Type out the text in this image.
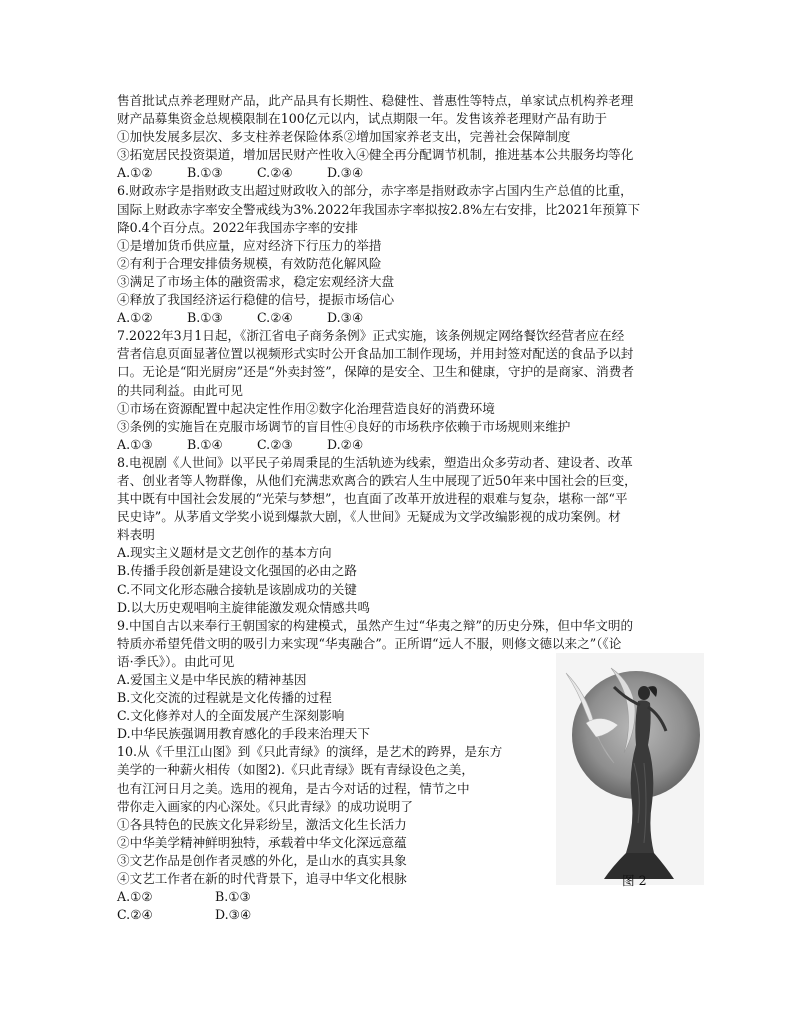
售首批试点养老理财产品，此产品具有长期性、稳健性、普惠性等特点，单家试点机构养老理
财产品募集资金总规模限制在100亿元以内，试点期限一年。发售该养老理财产品有助于
①加快发展多层次、多支柱养老保险体系②增加国家养老支出，完善社会保障制度
③拓宽居民投资渠道，增加居民财产性收入④健全再分配调节机制，推进基本公共服务均等化
A.①②	B.①③	C.②④	D.③④
6.财政赤字是指财政支出超过财政收入的部分，赤字率是指财政赤字占国内生产总值的比重，
国际上财政赤字率安全警戒线为3%.2022年我国赤字率拟按2.8%左右安排，比2021年预算下
降0.4个百分点。2022年我国赤字率的安排
①是增加货币供应量，应对经济下行压力的举措
②有利于合理安排债务规模，有效防范化解风险
③满足了市场主体的融资需求，稳定宏观经济大盘
④释放了我国经济运行稳健的信号，提振市场信心
A.①②	B.①③	C.②④	D.③④
7.2022年3月1日起，《浙江省电子商务条例》正式实施，该条例规定网络餐饮经营者应在经
营者信息页面显著位置以视频形式实时公开食品加工制作现场，并用封签对配送的食品予以封
口。无论是“阳光厨房”还是“外卖封签”，保障的是安全、卫生和健康，守护的是商家、消费者
的共同利益。由此可见
①市场在资源配置中起决定性作用②数字化治理营造良好的消费环境
③条例的实施旨在克服市场调节的盲目性④良好的市场秩序依赖于市场规则来维护
A.①③	B.①④	C.②③	D.②④
8.电视剧《人世间》以平民子弟周秉昆的生活轨迹为线索，塑造出众多劳动者、建设者、改革
者、创业者等人物群像，从他们充满悲欢离合的跌宕人生中展现了近50年来中国社会的巨变，
其中既有中国社会发展的“光荣与梦想”，也直面了改革开放进程的艰难与复杂，堪称一部“平
民史诗”。从茅盾文学奖小说到爆款大剧，《人世间》无疑成为文学改编影视的成功案例。材
料表明
A.现实主义题材是文艺创作的基本方向
B.传播手段创新是建设文化强国的必由之路
C.不同文化形态融合接轨是该剧成功的关键
D.以大历史观唱响主旋律能激发观众情感共鸣
9.中国自古以来奉行王朝国家的构建模式，虽然产生过“华夷之辩”的历史分殊，但中华文明的
特质亦希望凭借文明的吸引力来实现“华夷融合”。正所谓“远人不服，则修文德以来之”（《论
语·季氏》）。由此可见
A.爱国主义是中华民族的精神基因
B.文化交流的过程就是文化传播的过程
C.文化修养对人的全面发展产生深刻影响
D.中华民族强调用教育感化的手段来治理天下
10.从《千里江山图》到《只此青绿》的演绎，是艺术的跨界，是东方
美学的一种薪火相传（如图2).《只此青绿》既有青绿设色之美，
也有江河日月之美。选用的视角，是古今对话的过程，情节之中
带你走入画家的内心深处。《只此青绿》的成功说明了
①各具特色的民族文化异彩纷呈，激活文化生长活力
②中华美学精神鲜明独特，承载着中华文化深远意蕴
③文艺作品是创作者灵感的外化，是山水的真实具象
④文艺工作者在新的时代背景下，追寻中华文化根脉
A.①②	B.①③
C.②④	D.③④
图 2
